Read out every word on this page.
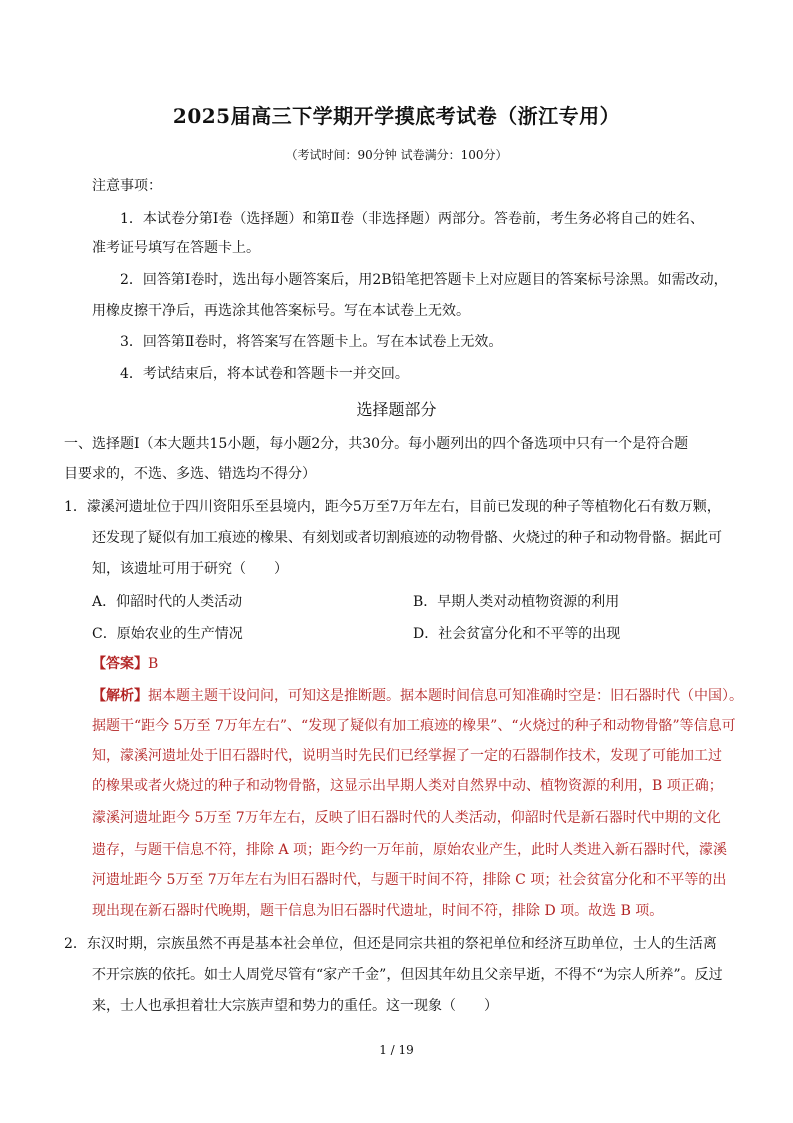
2025届高三下学期开学摸底考试卷（浙江专用）
（考试时间：90分钟 试卷满分：100分）
注意事项：
1．本试卷分第Ⅰ卷（选择题）和第Ⅱ卷（非选择题）两部分。答卷前，考生务必将自己的姓名、
准考证号填写在答题卡上。
2．回答第Ⅰ卷时，选出每小题答案后，用2B铅笔把答题卡上对应题目的答案标号涂黑。如需改动，
用橡皮擦干净后，再选涂其他答案标号。写在本试卷上无效。
3．回答第Ⅱ卷时，将答案写在答题卡上。写在本试卷上无效。
4．考试结束后，将本试卷和答题卡一并交回。
选择题部分
一、选择题Ⅰ（本大题共15小题，每小题2分，共30分。每小题列出的四个备选项中只有一个是符合题
目要求的，不选、多选、错选均不得分）
1．濛溪河遗址位于四川资阳乐至县境内，距今5万至7万年左右，目前已发现的种子等植物化石有数万颗，
还发现了疑似有加工痕迹的橡果、有刻划或者切割痕迹的动物骨骼、火烧过的种子和动物骨骼。据此可
知，该遗址可用于研究（　　）
A．仰韶时代的人类活动	B．早期人类对动植物资源的利用
C．原始农业的生产情况	D．社会贫富分化和不平等的出现
【答案】B
【解析】据本题主题干设问问，可知这是推断题。据本题时间信息可知准确时空是：旧石器时代（中国）。
据题干“距今 5万至 7万年左右”、“发现了疑似有加工痕迹的橡果”、“火烧过的种子和动物骨骼”等信息可
知，濛溪河遗址处于旧石器时代，说明当时先民们已经掌握了一定的石器制作技术，发现了可能加工过
的橡果或者火烧过的种子和动物骨骼，这显示出早期人类对自然界中动、植物资源的利用，B 项正确；
濛溪河遗址距今 5万至 7万年左右，反映了旧石器时代的人类活动，仰韶时代是新石器时代中期的文化
遗存，与题干信息不符，排除 A 项；距今约一万年前，原始农业产生，此时人类进入新石器时代，濛溪
河遗址距今 5万至 7万年左右为旧石器时代，与题干时间不符，排除 C 项；社会贫富分化和不平等的出
现出现在新石器时代晚期，题干信息为旧石器时代遗址，时间不符，排除 D 项。故选 B 项。
2．东汉时期，宗族虽然不再是基本社会单位，但还是同宗共祖的祭祀单位和经济互助单位，士人的生活离
不开宗族的依托。如士人周党尽管有“家产千金”，但因其年幼且父亲早逝，不得不“为宗人所养”。反过
来，士人也承担着壮大宗族声望和势力的重任。这一现象（　　）
1 / 19
